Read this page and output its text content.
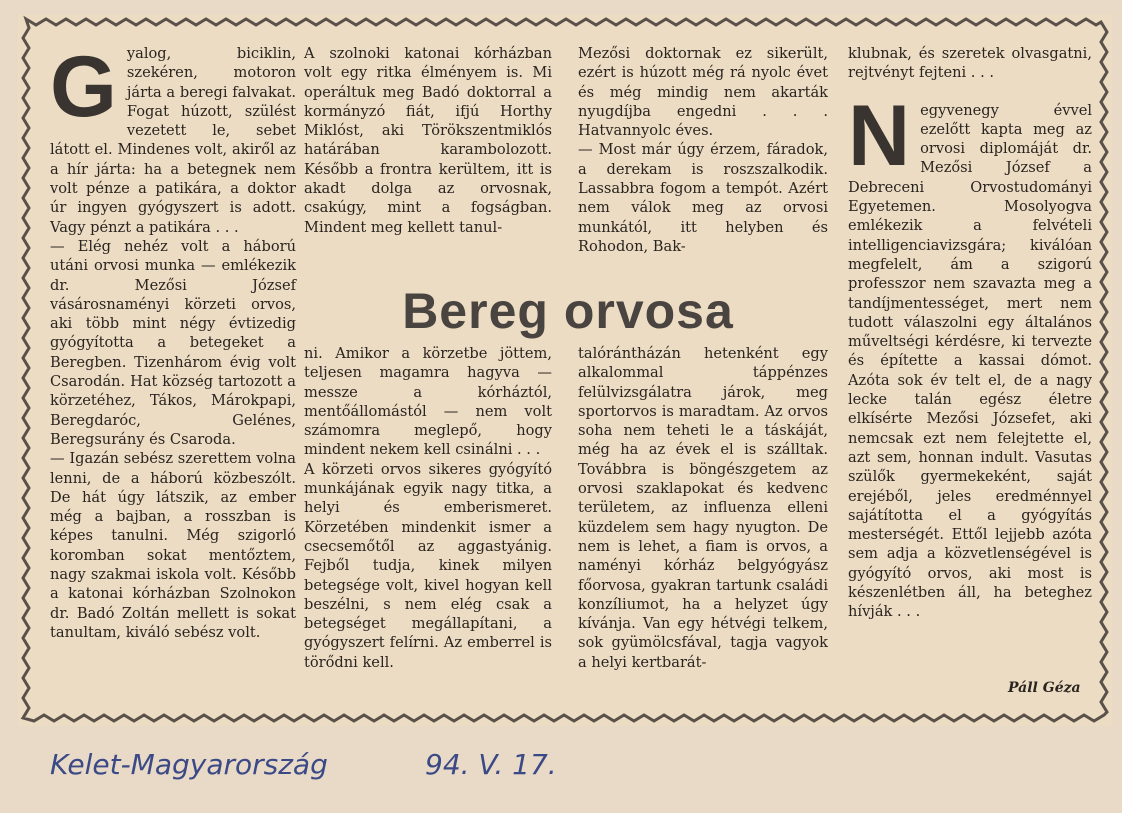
G yalog, biciklin, szekéren, motoron járta a beregi falvakat. Fogat húzott, szülést vezetett le, sebet látott el. Mindenes volt, akiről az a hír járta: ha a betegnek nem volt pénze a patikára, a doktor úr ingyen gyógyszert is adott. Vagy pénzt a patikára . . .

— Elég nehéz volt a háború utáni orvosi munka — emlékezik dr. Mezősi József vásárosnaményi körzeti orvos, aki több mint négy évtizedig gyógyította a betegeket a Beregben. Tizenhárom évig volt Csarodán. Hat község tartozott a körzetéhez, Tákos, Márokpapi, Beregdaróc, Gelénes, Beregsurány és Csaroda.

— Igazán sebész szerettem volna lenni, de a háború közbeszólt. De hát úgy látszik, az ember még a bajban, a rosszban is képes tanulni. Még szigorló koromban sokat mentőztem, nagy szakmai iskola volt. Később a katonai kórházban Szolnokon dr. Badó Zoltán mellett is sokat tanultam, kiváló sebész volt.

A szolnoki katonai kórházban volt egy ritka élményem is. Mi operáltuk meg Badó doktorral a kormányzó fiát, ifjú Horthy Miklóst, aki Törökszentmiklós határában karambolozott. Később a frontra kerültem, itt is akadt dolga az orvosnak, csakúgy, mint a fogságban. Mindent meg kellett tanul-

Mezősi doktornak ez sikerült, ezért is húzott még rá nyolc évet és még mindig nem akarták nyugdíjba engedni . . . Hatvannyolc éves.

— Most már úgy érzem, fáradok, a derekam is roszszalkodik. Lassabbra fogom a tempót. Azért nem válok meg az orvosi munkától, itt helyben és Rohodon, Bak-

Bereg orvosa

ni. Amikor a körzetbe jöttem, teljesen magamra hagyva — messze a kórháztól, mentőállomástól — nem volt számomra meglepő, hogy mindent nekem kell csinálni . . .

A körzeti orvos sikeres gyógyító munkájának egyik nagy titka, a helyi és emberismeret. Körzetében mindenkit ismer a csecsemőtől az aggastyánig. Fejből tudja, kinek milyen betegsége volt, kivel hogyan kell beszélni, s nem elég csak a betegséget megállapítani, a gyógyszert felírni. Az emberrel is törődni kell.

talórántházán hetenként egy alkalommal táppénzes felülvizsgálatra járok, meg sportorvos is maradtam. Az orvos soha nem teheti le a táskáját, még ha az évek el is szálltak. Továbbra is böngészgetem az orvosi szaklapokat és kedvenc területem, az influenza elleni küzdelem sem hagy nyugton. De nem is lehet, a fiam is orvos, a naményi kórház belgyógyász főorvosa, gyakran tartunk családi konzíliumot, ha a helyzet úgy kívánja. Van egy hétvégi telkem, sok gyümölcsfával, tagja vagyok a helyi kertbarát-

klubnak, és szeretek olvasgatni, rejtvényt fejteni . . .

N egyvenegy évvel ezelőtt kapta meg az orvosi diplomáját dr. Mezősi József a Debreceni Orvostudományi Egyetemen. Mosolyogva emlékezik a felvételi intelligenciavizsgára; kiválóan megfelelt, ám a szigorú professzor nem szavazta meg a tandíjmentességet, mert nem tudott válaszolni egy általános műveltségi kérdésre, ki tervezte és építette a kassai dómot. Azóta sok év telt el, de a nagy lecke talán egész életre elkísérte Mezősi Józsefet, aki nemcsak ezt nem felejtette el, azt sem, honnan indult. Vasutas szülők gyermekeként, saját erejéből, jeles eredménnyel sajátította el a gyógyítás mesterségét. Ettől lejjebb azóta sem adja a közvetlenségével is gyógyító orvos, aki most is készenlétben áll, ha beteghez hívják . . .

Páll Géza
Kelet-Magyarország	94. V. 17.
